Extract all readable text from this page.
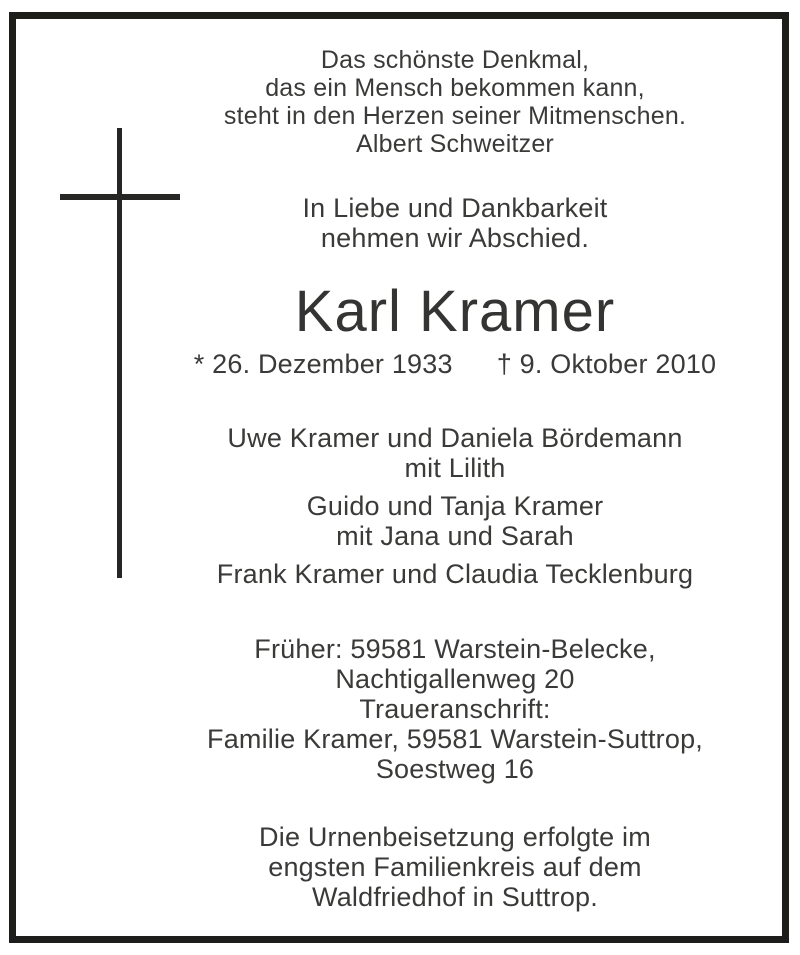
Das schönste Denkmal,
das ein Mensch bekommen kann,
steht in den Herzen seiner Mitmenschen.
Albert Schweitzer
In Liebe und Dankbarkeit
nehmen wir Abschied.
Karl Kramer
* 26. Dezember 1933 † 9. Oktober 2010
Uwe Kramer und Daniela Bördemann
mit Lilith
Guido und Tanja Kramer
mit Jana und Sarah
Frank Kramer und Claudia Tecklenburg
Früher: 59581 Warstein-Belecke,
Nachtigallenweg 20
Traueranschrift:
Familie Kramer, 59581 Warstein-Suttrop,
Soestweg 16
Die Urnenbeisetzung erfolgte im
engsten Familienkreis auf dem
Waldfriedhof in Suttrop.
